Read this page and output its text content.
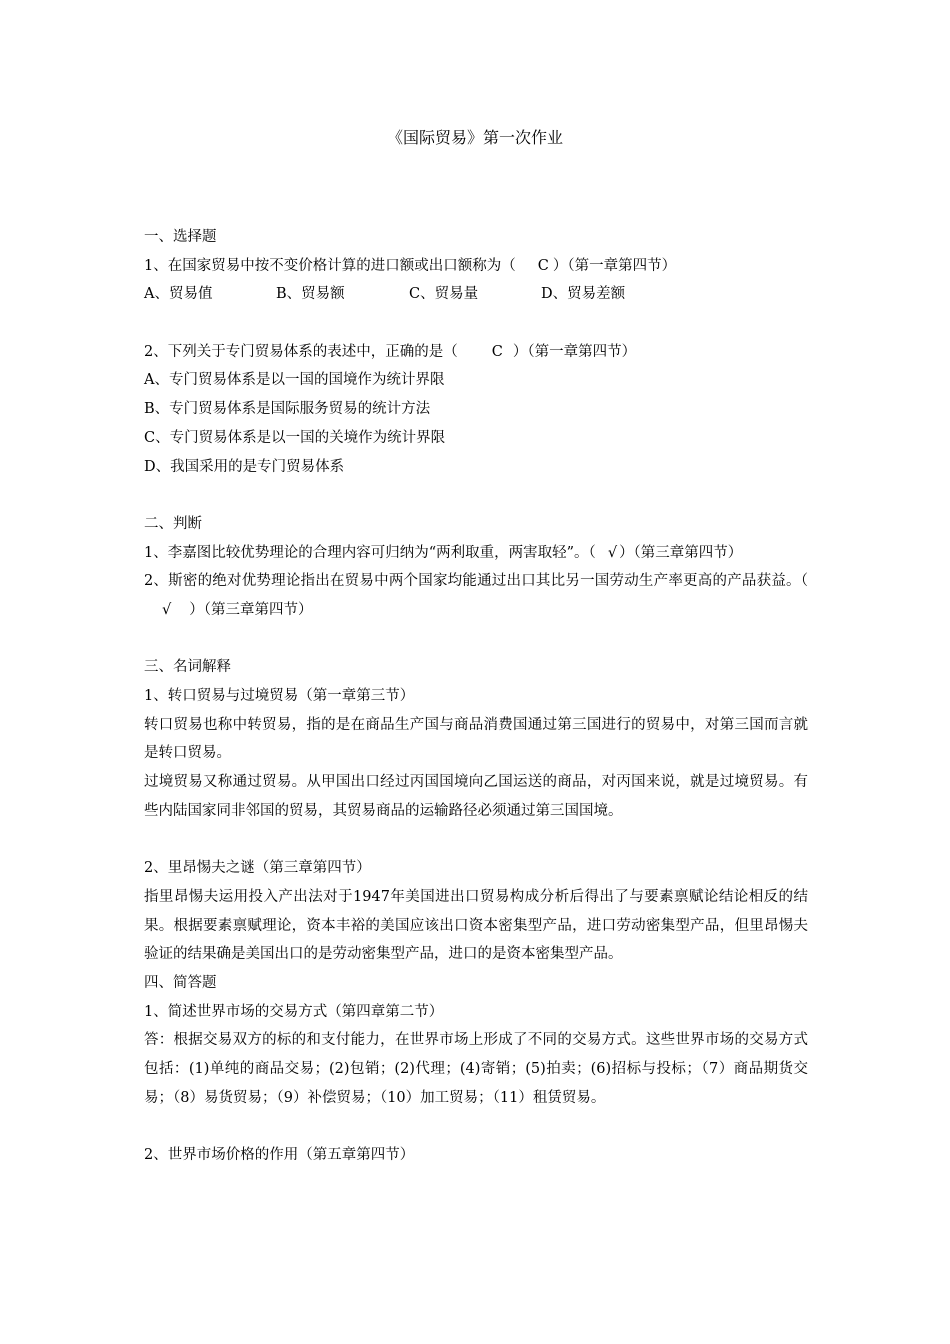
《国际贸易》第一次作业
一、选择题
1、在国家贸易中按不变价格计算的进口额或出口额称为（ C ）（第一章第四节）
A、贸易值	B、贸易额	C、贸易量	D、贸易差额
2、下列关于专门贸易体系的表述中，正确的是（ C ）（第一章第四节）
A、专门贸易体系是以一国的国境作为统计界限
B、专门贸易体系是国际服务贸易的统计方法
C、专门贸易体系是以一国的关境作为统计界限
D、我国采用的是专门贸易体系
二、判断
1、李嘉图比较优势理论的合理内容可归纳为“两利取重，两害取轻”。（ √ ）（第三章第四节）
2、斯密的绝对优势理论指出在贸易中两个国家均能通过出口其比另一国劳动生产率更高的产品获益。（√ ）（第三章第四节）
三、名词解释
1、转口贸易与过境贸易（第一章第三节）
转口贸易也称中转贸易，指的是在商品生产国与商品消费国通过第三国进行的贸易中，对第三国而言就是转口贸易。
过境贸易又称通过贸易。从甲国出口经过丙国国境向乙国运送的商品，对丙国来说，就是过境贸易。有些内陆国家同非邻国的贸易，其贸易商品的运输路径必须通过第三国国境。
2、里昂惕夫之谜（第三章第四节）
指里昂惕夫运用投入产出法对于1947年美国进出口贸易构成分析后得出了与要素禀赋论结论相反的结果。根据要素禀赋理论，资本丰裕的美国应该出口资本密集型产品，进口劳动密集型产品，但里昂惕夫验证的结果确是美国出口的是劳动密集型产品，进口的是资本密集型产品。
四、简答题
1、简述世界市场的交易方式（第四章第二节）
答：根据交易双方的标的和支付能力，在世界市场上形成了不同的交易方式。这些世界市场的交易方式包括：(1)单纯的商品交易；(2)包销；(2)代理；(4)寄销；(5)拍卖；(6)招标与投标；（7）商品期货交易；（8）易货贸易；（9）补偿贸易；（10）加工贸易；（11）租赁贸易。
2、世界市场价格的作用（第五章第四节）
